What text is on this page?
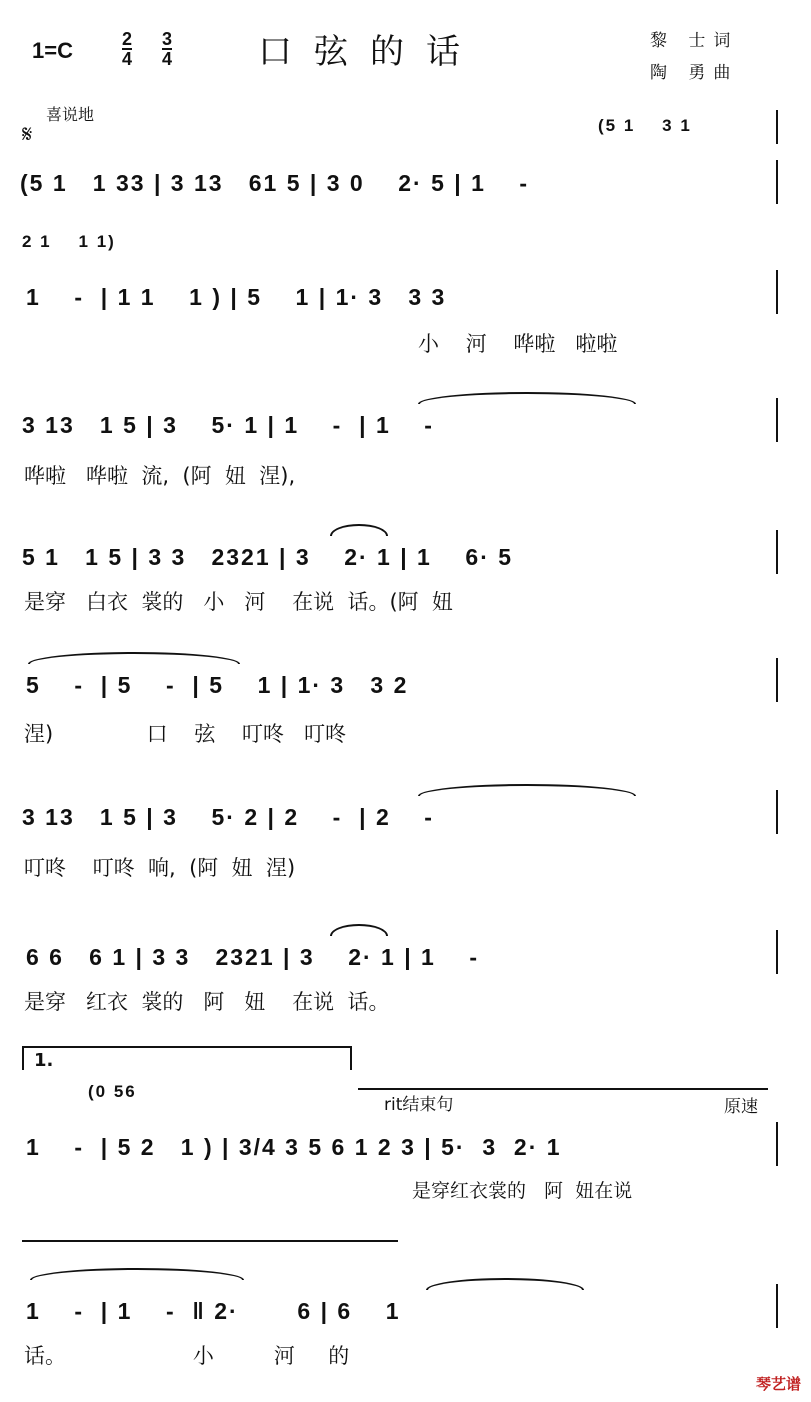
1=C	$\frac{2}{4} \frac{3}{4}$	口弦的话	黎 士词
陶 勇曲
喜说地
𝄋	(5 1    3 1
(5 1   1 33 | 3 13   61 5 | 3 0    2· 5 | 1    -
2 1    1 1)
1    -  | 1 1    1 ) | 5    1 | 1· 3   3 3
小    河    哗啦   啦啦
3 13   1 5 | 3    5· 1 | 1    -  | 1    -
哗啦   哗啦  流,  (阿  妞  涅),
5 1   1 5 | 3 3   2321 | 3    2· 1 | 1    6· 5
是穿   白衣  裳的   小   河    在说  话。(阿  妞
5    -  | 5    -  | 5    1 | 1· 3   3 2
涅)              口    弦    叮咚   叮咚
3 13   1 5 | 3    5· 2 | 2    -  | 2    -
叮咚    叮咚  响,  (阿  妞  涅)
6 6   6 1 | 3 3   2321 | 3    2· 1 | 1    -
是穿   红衣  裳的   阿   妞    在说  话。
1.
(0 56
rit结束句	原速
1    -  | 5 2   1 ) | 3/4 3 5 6 1 2 3 | 5·  3  2· 1
是穿红衣裳的   阿  妞在说
1    -  | 1    -  ‖ 2·       6 | 6    1
话。                   小         河     的
琴艺谱
